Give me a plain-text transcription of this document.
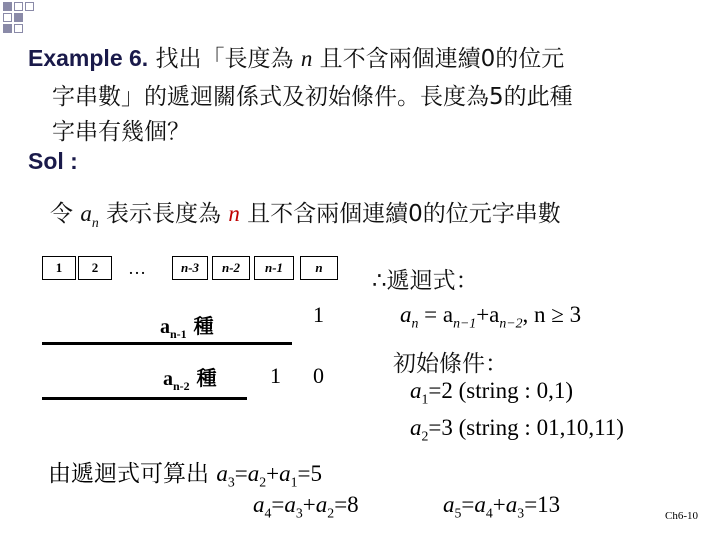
Example 6. 找出「長度為 n 且不含兩個連續0的位元
字串數」的遞迴關係式及初始條件。長度為5的此種
字串有幾個？
Sol :
令 $a_n$ 表示長度為 n 且不含兩個連續0的位元字串數
1 2 …	n-3 n-2 n-1 n
$a_{n-1}$ 種	1
$a_{n-2}$ 種 1 0
∴遞迴式：
$a_n = a_{n-1}+a_{n-2}$, n ≥ 3
初始條件：
$a_1=2$ (string : 0,1)
$a_2=3$ (string : 01,10,11)
由遞迴式可算出 $a_3=a_2+a_1=5$
$a_4=a_3+a_2=8$	$a_5=a_4+a_3=13$	Ch6-10
